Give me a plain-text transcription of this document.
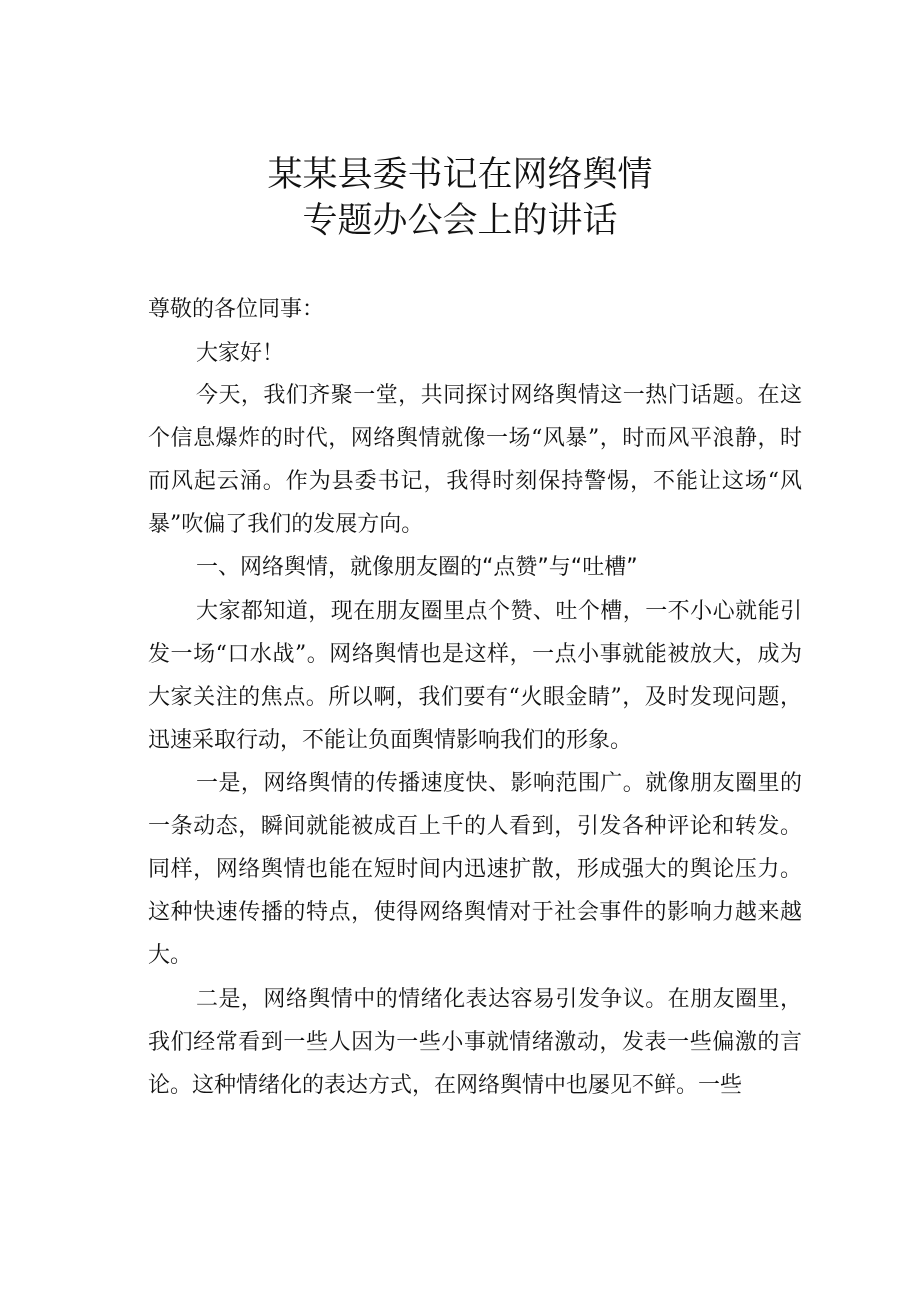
某某县委书记在网络舆情
专题办公会上的讲话

尊敬的各位同事：

大家好！

今天，我们齐聚一堂，共同探讨网络舆情这一热门话题。在这个信息爆炸的时代，网络舆情就像一场“风暴”，时而风平浪静，时而风起云涌。作为县委书记，我得时刻保持警惕，不能让这场“风暴”吹偏了我们的发展方向。

一、网络舆情，就像朋友圈的“点赞”与“吐槽”

大家都知道，现在朋友圈里点个赞、吐个槽，一不小心就能引发一场“口水战”。网络舆情也是这样，一点小事就能被放大，成为大家关注的焦点。所以啊，我们要有“火眼金睛”，及时发现问题，迅速采取行动，不能让负面舆情影响我们的形象。

一是，网络舆情的传播速度快、影响范围广。就像朋友圈里的一条动态，瞬间就能被成百上千的人看到，引发各种评论和转发。同样，网络舆情也能在短时间内迅速扩散，形成强大的舆论压力。这种快速传播的特点，使得网络舆情对于社会事件的影响力越来越大。

二是，网络舆情中的情绪化表达容易引发争议。在朋友圈里，我们经常看到一些人因为一些小事就情绪激动，发表一些偏激的言论。这种情绪化的表达方式，在网络舆情中也屡见不鲜。一些
